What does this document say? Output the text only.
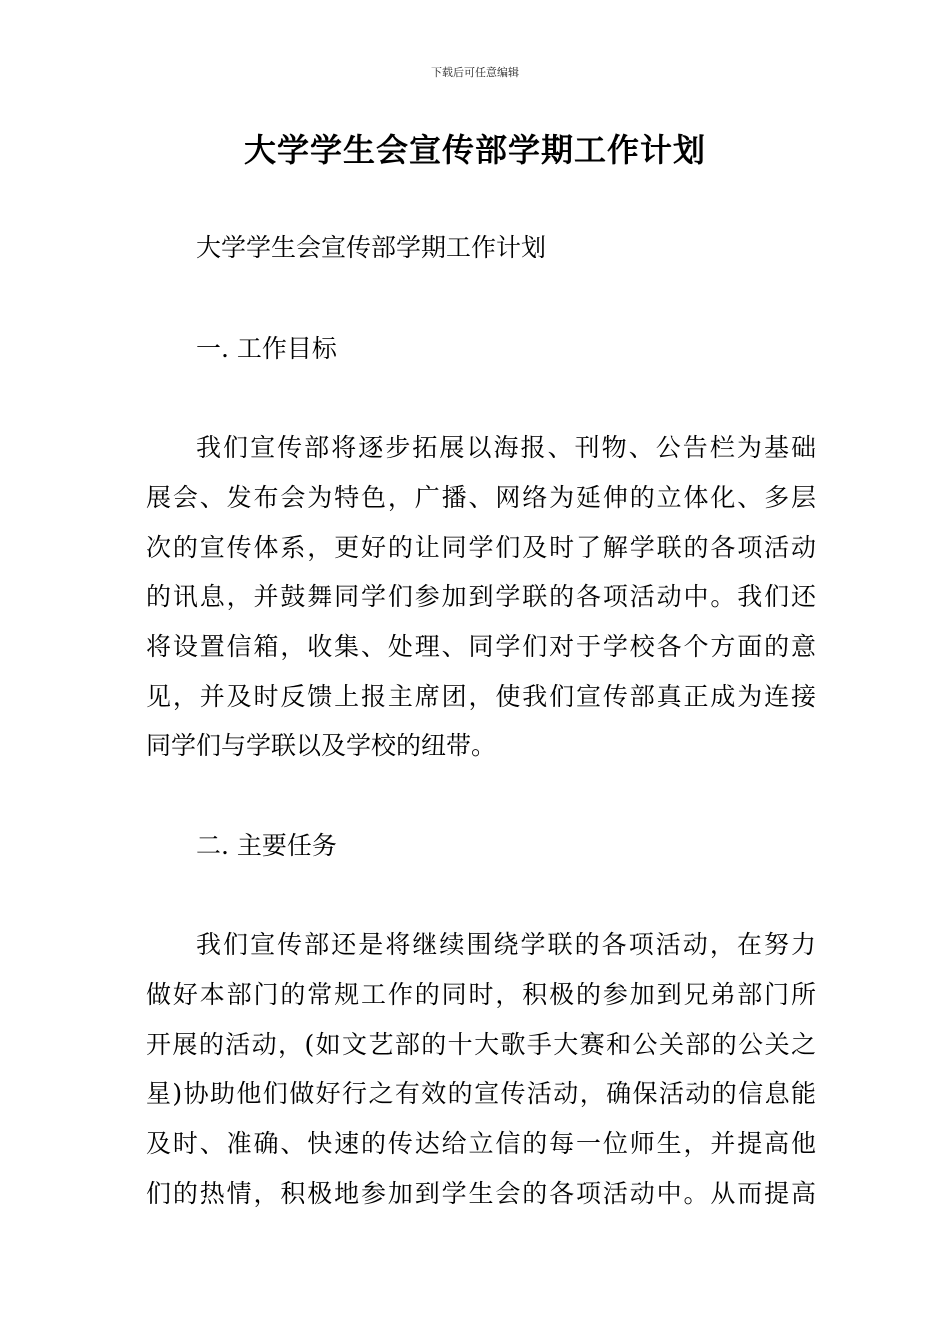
下载后可任意编辑
大学学生会宣传部学期工作计划

大学学生会宣传部学期工作计划

一. 工作目标

我们宣传部将逐步拓展以海报、刊物、公告栏为基础

展会、发布会为特色，广播、网络为延伸的立体化、多层

次的宣传体系，更好的让同学们及时了解学联的各项活动

的讯息，并鼓舞同学们参加到学联的各项活动中。我们还

将设置信箱，收集、处理、同学们对于学校各个方面的意

见，并及时反馈上报主席团，使我们宣传部真正成为连接

同学们与学联以及学校的纽带。

二. 主要任务

我们宣传部还是将继续围绕学联的各项活动，在努力

做好本部门的常规工作的同时，积极的参加到兄弟部门所

开展的活动，(如文艺部的十大歌手大赛和公关部的公关之

星)协助他们做好行之有效的宣传活动，确保活动的信息能

及时、准确、快速的传达给立信的每一位师生，并提高他

们的热情，积极地参加到学生会的各项活动中。从而提高
